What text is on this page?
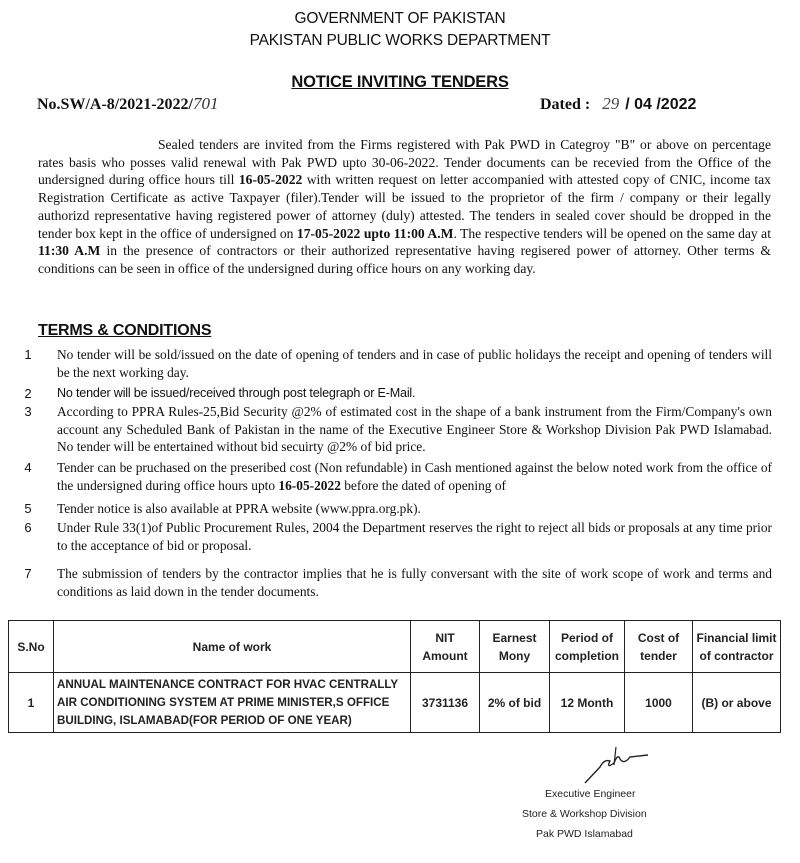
GOVERNMENT OF PAKISTAN
PAKISTAN PUBLIC WORKS DEPARTMENT
NOTICE INVITING TENDERS
No.SW/A-8/2021-2022/701	Dated : 29 / 04 /2022
Sealed tenders are invited from the Firms registered with Pak PWD in Categroy "B" or above on percentage rates basis who posses valid renewal with Pak PWD upto 30-06-2022. Tender documents can be recevied from the Office of the undersigned during office hours till 16-05-2022 with written request on letter accompanied with attested copy of CNIC, income tax Registration Certificate as active Taxpayer (filer).Tender will be issued to the proprietor of the firm / company or their legally authorizd representative having registered power of attorney (duly) attested. The tenders in sealed cover should be dropped in the tender box kept in the office of undersigned on 17-05-2022 upto 11:00 A.M. The respective tenders will be opened on the same day at 11:30 A.M in the presence of contractors or their authorized representative having regisered power of attorney. Other terms & conditions can be seen in office of the undersigned during office hours on any working day.
TERMS & CONDITIONS
1	No tender will be sold/issued on the date of opening of tenders and in case of public holidays the receipt and opening of tenders will be the next working day.
2	No tender will be issued/received through post telegraph or E-Mail.
3	According to PPRA Rules-25,Bid Security @2% of estimated cost in the shape of a bank instrument from the Firm/Company's own account any Scheduled Bank of Pakistan in the name of the Executive Engineer Store & Workshop Division Pak PWD Islamabad. No tender will be entertained without bid secuirty @2% of bid price.
4	Tender can be pruchased on the preseribed cost (Non refundable) in Cash mentioned against the below noted work from the office of the undersigned during office hours upto 16-05-2022 before the dated of opening of
5	Tender notice is also available at PPRA website (www.ppra.org.pk).
6	Under Rule 33(1)of Public Procurement Rules, 2004 the Department reserves the right to reject all bids or proposals at any time prior to the acceptance of bid or proposal.
7	The submission of tenders by the contractor implies that he is fully conversant with the site of work scope of work and terms and conditions as laid down in the tender documents.
S.No	Name of work	NIT Amount	Earnest Mony	Period of completion	Cost of tender	Financial limit of contractor
1	ANNUAL MAINTENANCE CONTRACT FOR HVAC CENTRALLY AIR CONDITIONING SYSTEM AT PRIME MINISTER,S OFFICE BUILDING, ISLAMABAD(FOR PERIOD OF ONE YEAR)	3731136	2% of bid	12 Month	1000	(B) or above
Executive Engineer
Store & Workshop Division
Pak PWD Islamabad
